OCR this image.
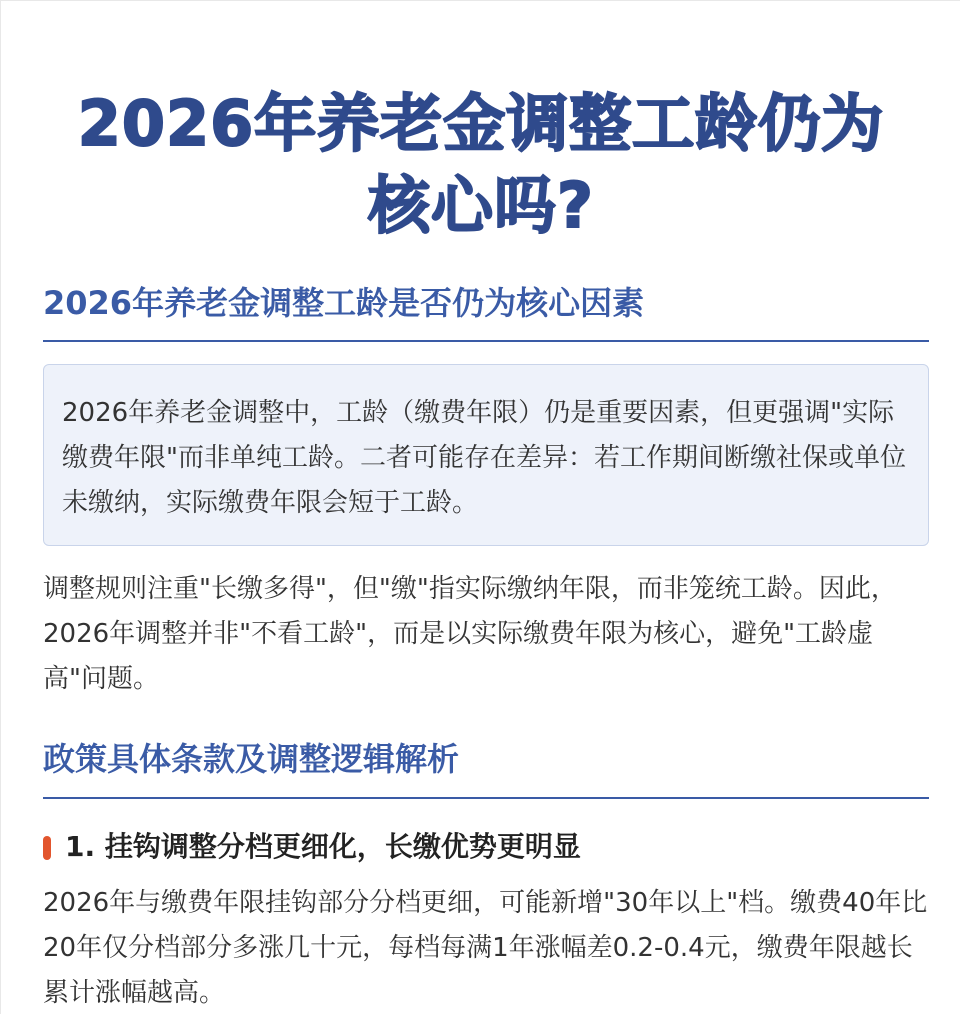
2026年养老金调整工龄仍为
核心吗?
2026年养老金调整工龄是否仍为核心因素

2026年养老金调整中，工龄（缴费年限）仍是重要因素，但更强调"实际缴费年限"而非单纯工龄。二者可能存在差异：若工作期间断缴社保或单位未缴纳，实际缴费年限会短于工龄。

调整规则注重"长缴多得"，但"缴"指实际缴纳年限，而非笼统工龄。因此，2026年调整并非"不看工龄"，而是以实际缴费年限为核心，避免"工龄虚高"问题。

政策具体条款及调整逻辑解析
1. 挂钩调整分档更细化，长缴优势更明显

2026年与缴费年限挂钩部分分档更细，可能新增"30年以上"档。缴费40年比20年仅分档部分多涨几十元，每档每满1年涨幅差0.2-0.4元，缴费年限越长累计涨幅越高。
